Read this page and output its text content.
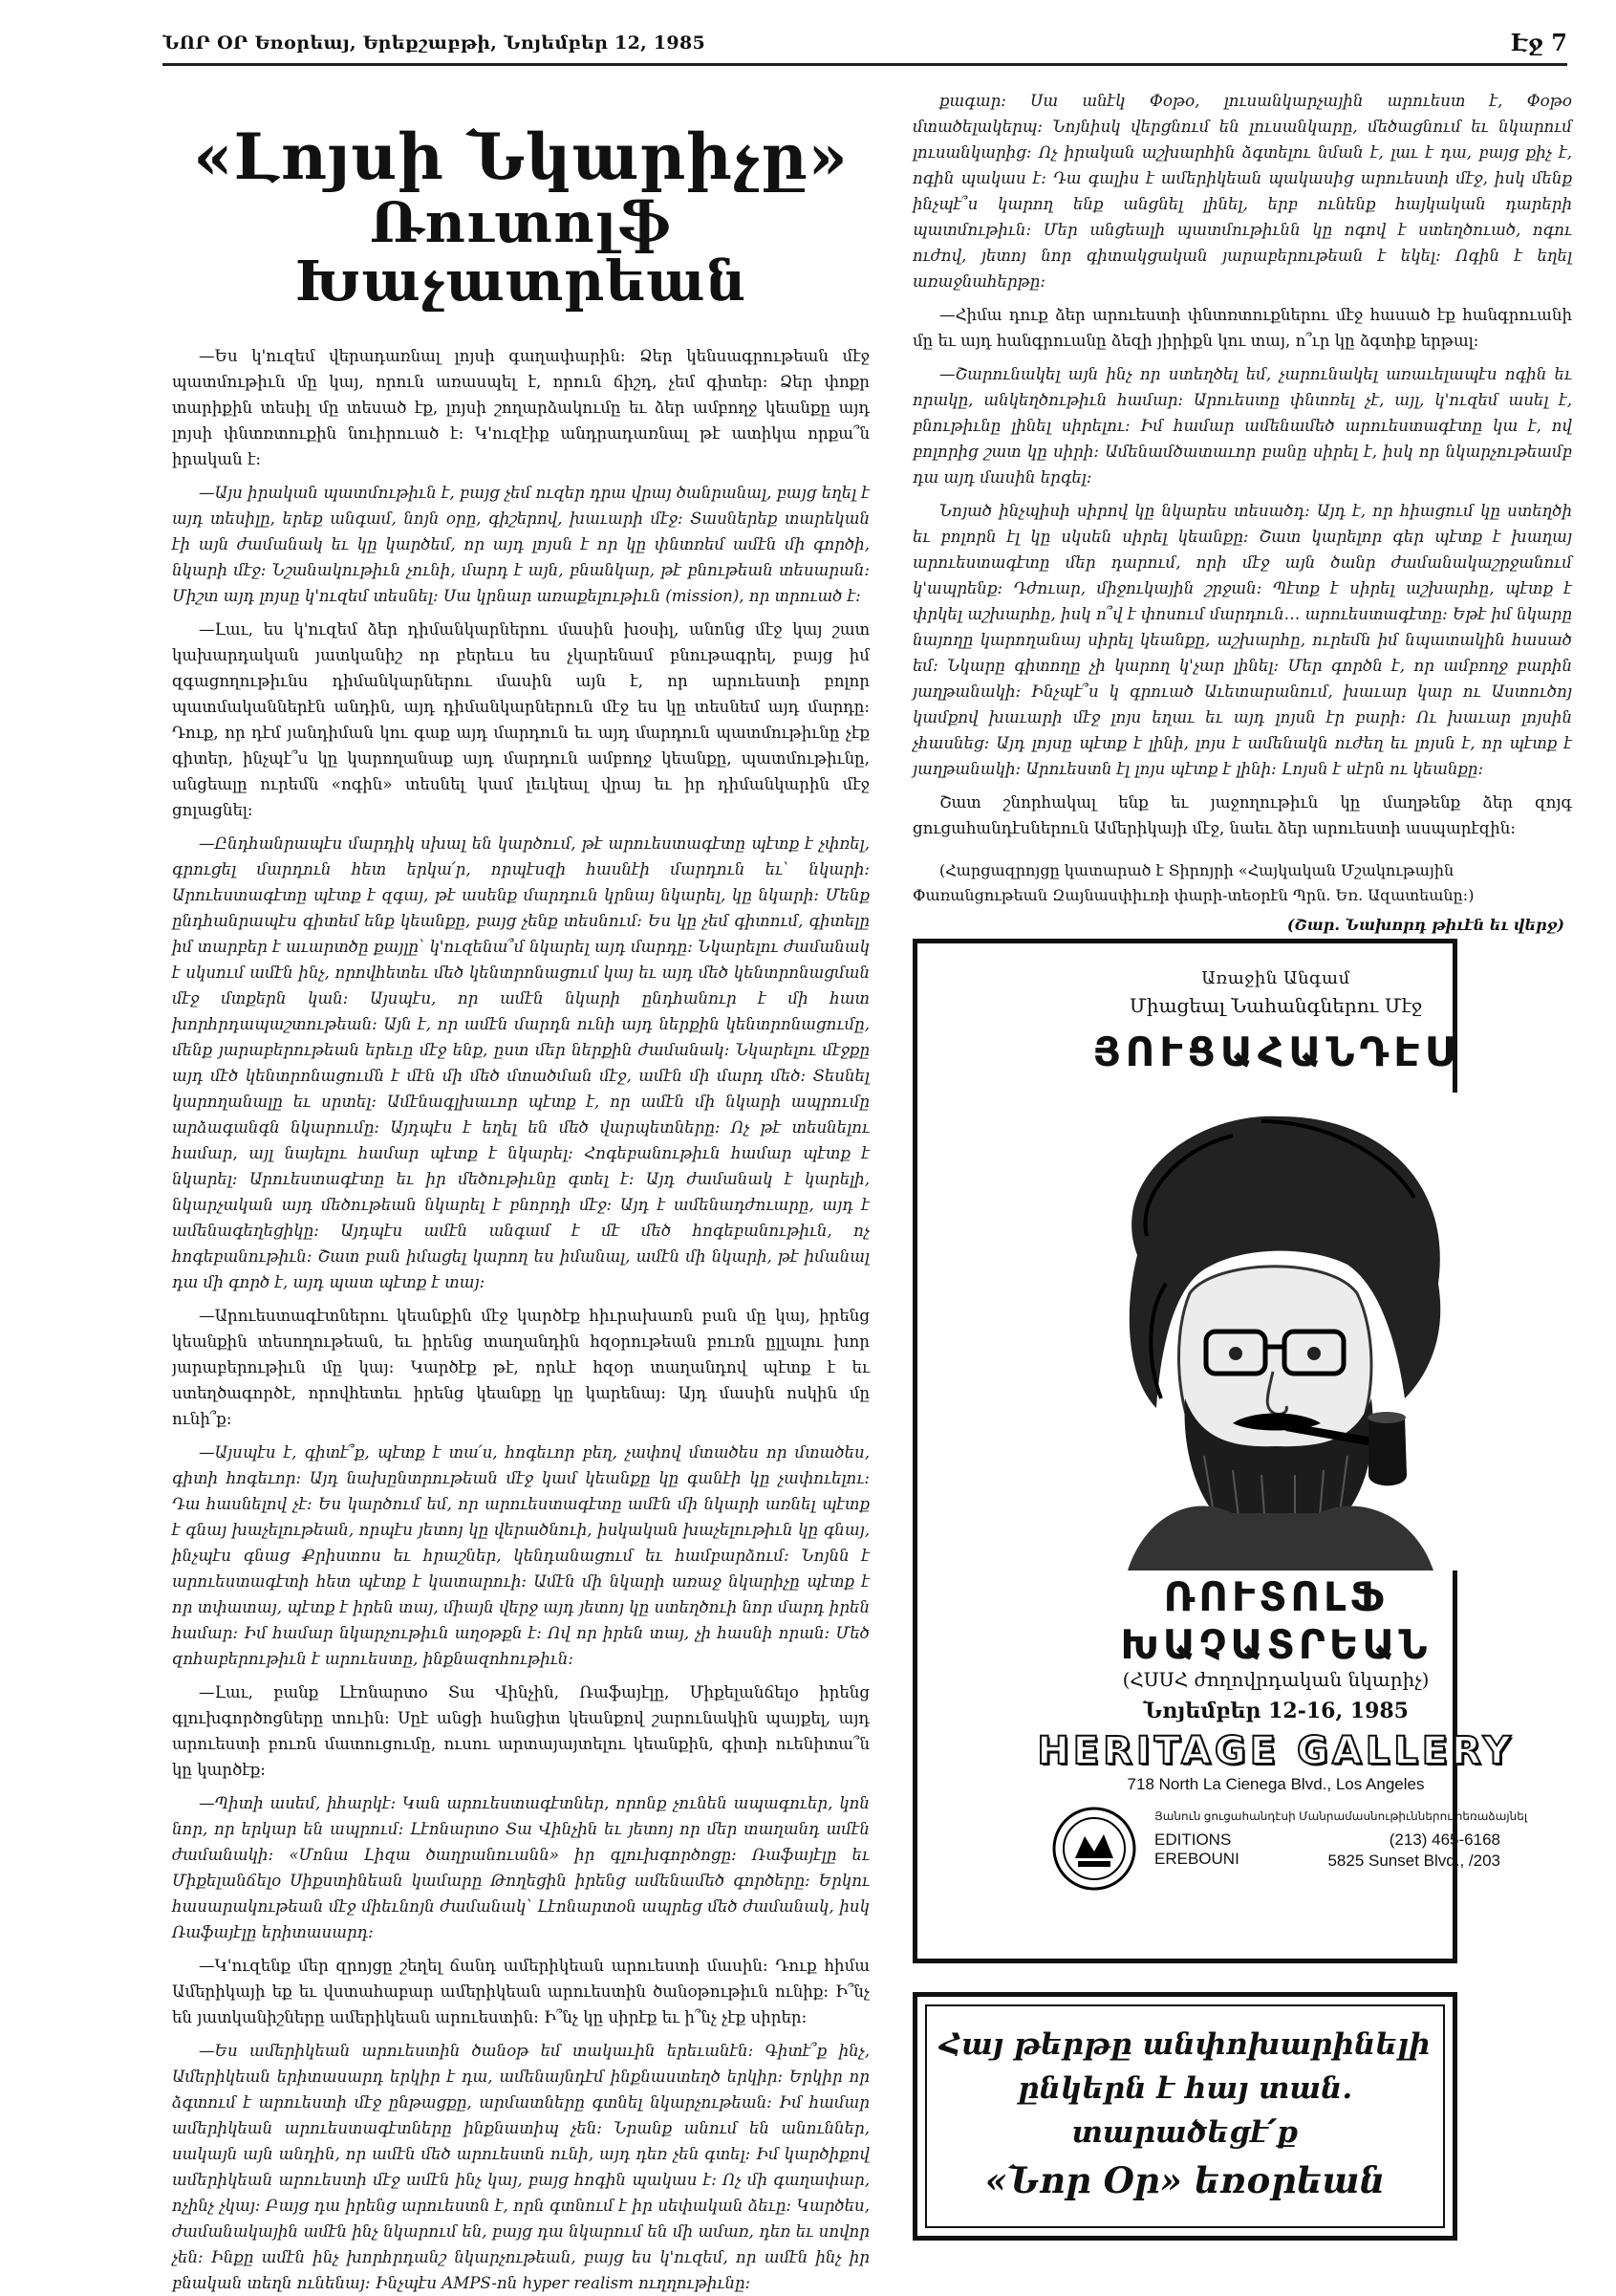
ՆՈՐ ՕՐ Եռօրեայ, Երեքշաբթի, Նոյեմբեր 12, 1985	Էջ 7
«Լոյսի Նկարիչը»
Ռուտոլֆ Խաչատրեան

—Ես կ'ուզեմ վերադառնալ լոյսի գաղափարին։ Ձեր կենսագրութեան մէջ պատմութիւն մը կայ, որուն առասպել է, որուն ճիշդ, չեմ գիտեր։ Ձեր փոքր տարիքին տեսիլ մը տեսած էք, լոյսի շողարձակումը եւ ձեր ամբողջ կեանքը այդ լոյսի փնտռտուքին նուիրուած է։ Կ'ուզէիք անդրադառնալ թէ ատիկա որքա՞ն իրական է։

—Այս իրական պատմութիւն է, բայց չեմ ուզեր դրա վրայ ծանրանալ, բայց եղել է այդ տեսիլը, երեք անգամ, նոյն օրը, գիշերով, խաւարի մէջ։ Տասներեք տարեկան էի այն ժամանակ եւ կը կարծեմ, որ այդ լոյսն է որ կը փնտռեմ ամէն մի գործի, նկարի մէջ։ Նշանակութիւն չունի, մարդ է այն, բնանկար, թէ բնութեան տեսարան։ Միշտ այդ լոյսը կ'ուզեմ տեսնել։ Սա կրնար առաքելութիւն (mission), որ տրուած է։

—Լաւ, ես կ'ուզեմ ձեր դիմանկարներու մասին խօսիլ, անոնց մէջ կայ շատ կախարդական յատկանիշ որ բերեւս ես չկարենամ բնութագրել, բայց իմ զգացողութիւնս դիմանկարներու մասին այն է, որ արուեստի բոլոր պատմականներէն անդին, այդ դիմանկարներուն մէջ ես կը տեսնեմ այդ մարդը։ Դուք, որ դէմ յանդիման կու գաք այդ մարդուն եւ այդ մարդուն պատմութիւնը չէք գիտեր, ինչպէ՞ս կը կարողանաք այդ մարդուն ամբողջ կեանքը, պատմութիւնը, անցեալը ուրեմն «ոգին» տեսնել կամ լեւկեալ վրայ եւ իր դիմանկարին մէջ ցոլացնել։

—Ընդհանրապէս մարդիկ սխալ են կարծում, թէ արուեստագէտը պէտք է չփռել, գրուցել մարդուն հետ երկա՛ր, որպէսզի հասնէի մարդուն եւ՝ նկարի։ Արուեստագէտը պէտք է զգայ, թէ ասենք մարդուն կրնայ նկարել, կը նկարի։ Մենք ընդհանրապէս գիտեմ ենք կեանքը, բայց չենք տեսնում։ Ես կը չեմ գիտում, գիտելը իմ տարբեր է աւարտծը քայլը՝ կ'ուզենա՞մ նկարել այդ մարդը։ Նկարելու ժամանակ է սկսում ամէն ինչ, որովհետեւ մեծ կենտրոնացում կայ եւ այդ մեծ կենտրոնացման մէջ մտքերն կան։ Այսպէս, որ ամէն նկարի ընդհանուր է մի հատ խորհրդապաշտութեան։ Այն է, որ ամէն մարդն ունի այդ ներքին կենտրոնացումը, մենք յարաբերութեան երեւը մէջ ենք, ըստ մեր ներքին ժամանակ։ Նկարելու մէջքը այդ մէծ կենտրոնացումն է մէն մի մեծ մտածման մէջ, ամէն մի մարդ մեծ։ Տեսնել կարողանալը եւ սրտել։ Ամէնագլխաւոր պէտք է, որ ամէն մի նկարի ապրումը արձագանգն նկարումը։ Այդպէս է եղել են մեծ վարպետները։ Ոչ թէ տեսնելու համար, այլ նայելու համար պէտք է նկարել։ Հոգեբանութիւն համար պէտք է նկարել։ Արուեստագէտը եւ իր մեծութիւնը գտել է։ Այդ ժամանակ է կարելի, նկարչական այդ մեծութեան նկարել է բնորդի մէջ։ Այդ է ամենադժուարը, այդ է ամենագեղեցիկը։ Այդպէս ամէն անգամ է մէ մեծ հոգեբանութիւն, ոչ հոգեբանութիւն։ Շատ բան իմացել կարող ես իմանալ, ամէն մի նկարի, թէ իմանալ դա մի գործ է, այդ պատ պէտք է տայ։

—Արուեստագէտներու կեանքին մէջ կարծէք հիւրախառն բան մը կայ, իրենց կեանքին տեսողութեան, եւ իրենց տաղանդին հզօրութեան բուռն ըլլալու խոր յարաբերութիւն մը կայ։ Կարծէք թէ, որևէ հզօր տաղանդով պէտք է եւ ստեղծագործէ, որովհետեւ իրենց կեանքը կը կարենայ։ Այդ մասին ոսկին մը ունի՞ք։

—Այսպէս է, գիտէ՞ք, պէտք է տա՛ս, հոգեւոր բեղ, չափով մտածես որ մտածես, գիտի հոգեւոր։ Այդ նախընտրութեան մէջ կամ կեանքը կը գանէի կը չափուելու։ Դա հասնելով չէ։ Ես կարծում եմ, որ արուեստագէտը ամէն մի նկարի առնել պէտք է գնայ խաչելութեան, որպէս յետոյ կը վերածնուի, իսկական խաչելութիւն կը գնայ, ինչպէս գնաց Քրիստոս եւ հրաշներ, կենդանացում եւ համբարձում։ Նոյնն է արուեստագէտի հետ պէտք է կատարուի։ Ամէն մի նկարի առաջ նկարիչը պէտք է որ տփատայ, պէտք է իրեն տայ, միայն վերջ այդ յետոյ կը ստեղծուի նոր մարդ իրեն համար։ Իմ համար նկարչութիւն աղօթքն է։ Ով որ իրեն տայ, չի հասնի որան։ Մեծ զոհաբերութիւն է արուեստը, ինքնազոհութիւն։

—Լաւ, բանք Լէոնարտօ Տա Վինչին, Ռաֆայէլը, Միքելանճելօ իրենց գլուխգործոցները տուին։ Սըէ անցի հանցիտ կեանքով շարունակին պայքել, այդ արուեստի բուռն մատուցումը, ուսու արտայայտելու կեանքին, գիտի ուենիտա՞ն կը կարծէք։

—Պիտի ասեմ, իհարկէ։ Կան արուեստագէտներ, որոնք չունեն ապագուեր, կոն նոր, որ երկար են ապրում։ Լէոնարտօ Տա Վինչին եւ յետոյ որ մեր տաղանդ ամէն ժամանակի։ «Մոնա Լիզա ծաղրանուանն» իր գլուխգործոցը։ Ռաֆայէլը եւ Միքելանճելօ Սիքստինեան կամարը Թողեցին իրենց ամենամեծ գործերը։ Երկու հասարակութեան մէջ միեւնոյն ժամանակ՝ Լէոնարտօն ապրեց մեծ ժամանակ, իսկ Ռաֆայէլը երիտասարդ։

—Կ'ուզենք մեր զրոյցը շեղել ճանդ ամերիկեան արուեստի մասին։ Դուք հիմա Ամերիկայի եք եւ վստահաբար ամերիկեան արուեստին ծանօթութիւն ունիք։ Ի՞նչ են յատկանիշները ամերիկեան արուեստին։ Ի՞նչ կը սիրէք եւ ի՞նչ չէք սիրեր։

—Ես ամերիկեան արուեստին ծանօթ եմ տակաւին երեւանէն։ Գիտէ՞ք ինչ, Ամերիկեան երիտասարդ երկիր է դա, ամենայնդէմ ինքնաստեղծ երկիր։ Երկիր որ ձգտում է արուեստի մէջ ընթացքը, արմատները գտնել նկարչութեան։ Իմ համար ամերիկեան արուեստագէտները ինքնատիպ չեն։ Նրանք անում են անուններ, սակայն այն անդին, որ ամէն մեծ արուեստն ունի, այդ դեռ չեն գտել։ Իմ կարծիքով ամերիկեան արուեստի մէջ ամէն ինչ կայ, բայց հոգին պակաս է։ Ոչ մի գաղափար, ոչինչ չկայ։ Բայց դա իրենց արուեստն է, որն գտնում է իր սեփական ձեւը։ Կարծես, ժամանակային ամէն ինչ նկարում են, բայց դա նկարում են մի ամառ, դեռ եւ սովոր չեն։ Ինքը ամէն ինչ խորհրդանշ նկարչութեան, բայց ես կ'ուզեմ, որ ամէն ինչ իր բնական տեղն ունենայ։ Ինչպէս AMPS-ոն hyper realism ուղղութիւնը։

քագար։ Սա անէկ Փօթօ, լուսանկարչային արուեստ է, Փօթօ մտածելակերպ։ Նոյնիսկ վերցնում են լուսանկարը, մեծացնում եւ նկարում լուսանկարից։ Ոչ իրական աշխարհին ձգտելու նման է, լաւ է դա, բայց քիչ է, ոգին պակաս է։ Դա գալիս է ամերիկեան պակասից արուեստի մէջ, իսկ մենք ինչպէ՞ս կարող ենք անցնել լինել, երբ ունենք հայկական դարերի պատմութիւն։ Մեր անցեալի պատմութիւնն կը ոգով է ստեղծուած, ոգու ուժով, յետոյ նոր գիտակցական յարաբերութեան է եկել։ Ոգին է եղել առաջնահերթը։

—Հիմա դուք ձեր արուեստի փնտռտուքներու մէջ հասած էք հանգրուանի մը եւ այդ հանգրուանը ձեզի յիրիքն կու տայ, ո՞ւր կը ձգտիք երթալ։

—Շարունակել այն ինչ որ ստեղծել եմ, չարունակել առաւելապէս ոգին եւ որակը, անկեղծութիւն համար։ Արուեստը փնտռել չէ, այլ, կ'ուզեմ ասել է, բնութիւնը լինել սիրելու։ Իմ համար ամենամեծ արուեստագէտը կա է, ով բոլորից շատ կը սիրի։ Ամենամծատաւոր բանը սիրել է, իսկ որ նկարչութեամբ դա այդ մասին երգել։

Նոյած ինչպիսի սիրով կը նկարես տեսածդ։ Այդ է, որ հիացում կը ստեղծի եւ բոլորն էլ կը սկսեն սիրել կեանքը։ Շատ կարելոր գեր պէտք է խաղայ արուեստագէտը մեր դարում, որի մէջ այն ծանր ժամանակաշրջանում կ'ապրենք։ Դժուար, միջուկային շրջան։ Պէտք է սիրել աշխարհը, պէտք է փրկել աշխարհը, իսկ ո՞վ է փոսում մարդուն․․․ արուեստագէտը։ Եթէ իմ նկարը նայողը կարողանայ սիրել կեանքը, աշխարհը, ուրեմն իմ նպատակին հասած եմ։ Նկարը գիտողը չի կարող կ'չար լինել։ Մեր գործն է, որ ամբողջ բարին յաղթանակի։ Ինչպէ՞ս կ գրուած Աւետարանում, խաւար կար ու Աստուծոյ կամքով խաւարի մէջ լոյս եղաւ եւ այդ լոյսն էր բարի։ Ու խաւար լոյսին չհասնեց։ Այդ լոյսը պէտք է լինի, լոյս է ամենակն ուժեղ եւ լոյսն է, որ պէտք է յաղթանակի։ Արուեստն էլ լոյս պէտք է լինի։ Լոյսն է սէրն ու կեանքը։

Շատ շնորհակալ ենք եւ յաջողութիւն կը մաղթենք ձեր զոյգ ցուցահանդէսներուն Ամերիկայի մէջ, նաեւ ձեր արուեստի ասպարէզին։

(Հարցազրոյցը կատարած է Տիրոյրի «Հայկական Մշակութային Փառանցութեան Զայնասփիւռի փարի-տեօրէն Պրն. Եռ. Ազատեանը։)
(Շար. Նախորդ թիւէն եւ վերջ)
Առաջին Անգամ
Միացեալ Նահանգներու Մէջ
ՅՈՒՑԱՀԱՆԴԷՍ
ՌՈՒՏՈԼՖ
ԽԱՉԱՏՐԵԱՆ
(ՀՍՍՀ ժողովրդական նկարիչ)
Նոյեմբեր 12-16, 1985
HERITAGE GALLERY
718 North La Cienega Blvd., Los Angeles
Յանուն ցուցահանդէսի Մանրամասնութիւններու հեռաձայնել
EDITIONS
EREBOUNI
(213) 465-6168
5825 Sunset Blvd., /203
Հայ թերթը անփոխարինելի
ընկերն է հայ տան.
տարածեցէ՛ք
«Նոր Օր» եռօրեան
